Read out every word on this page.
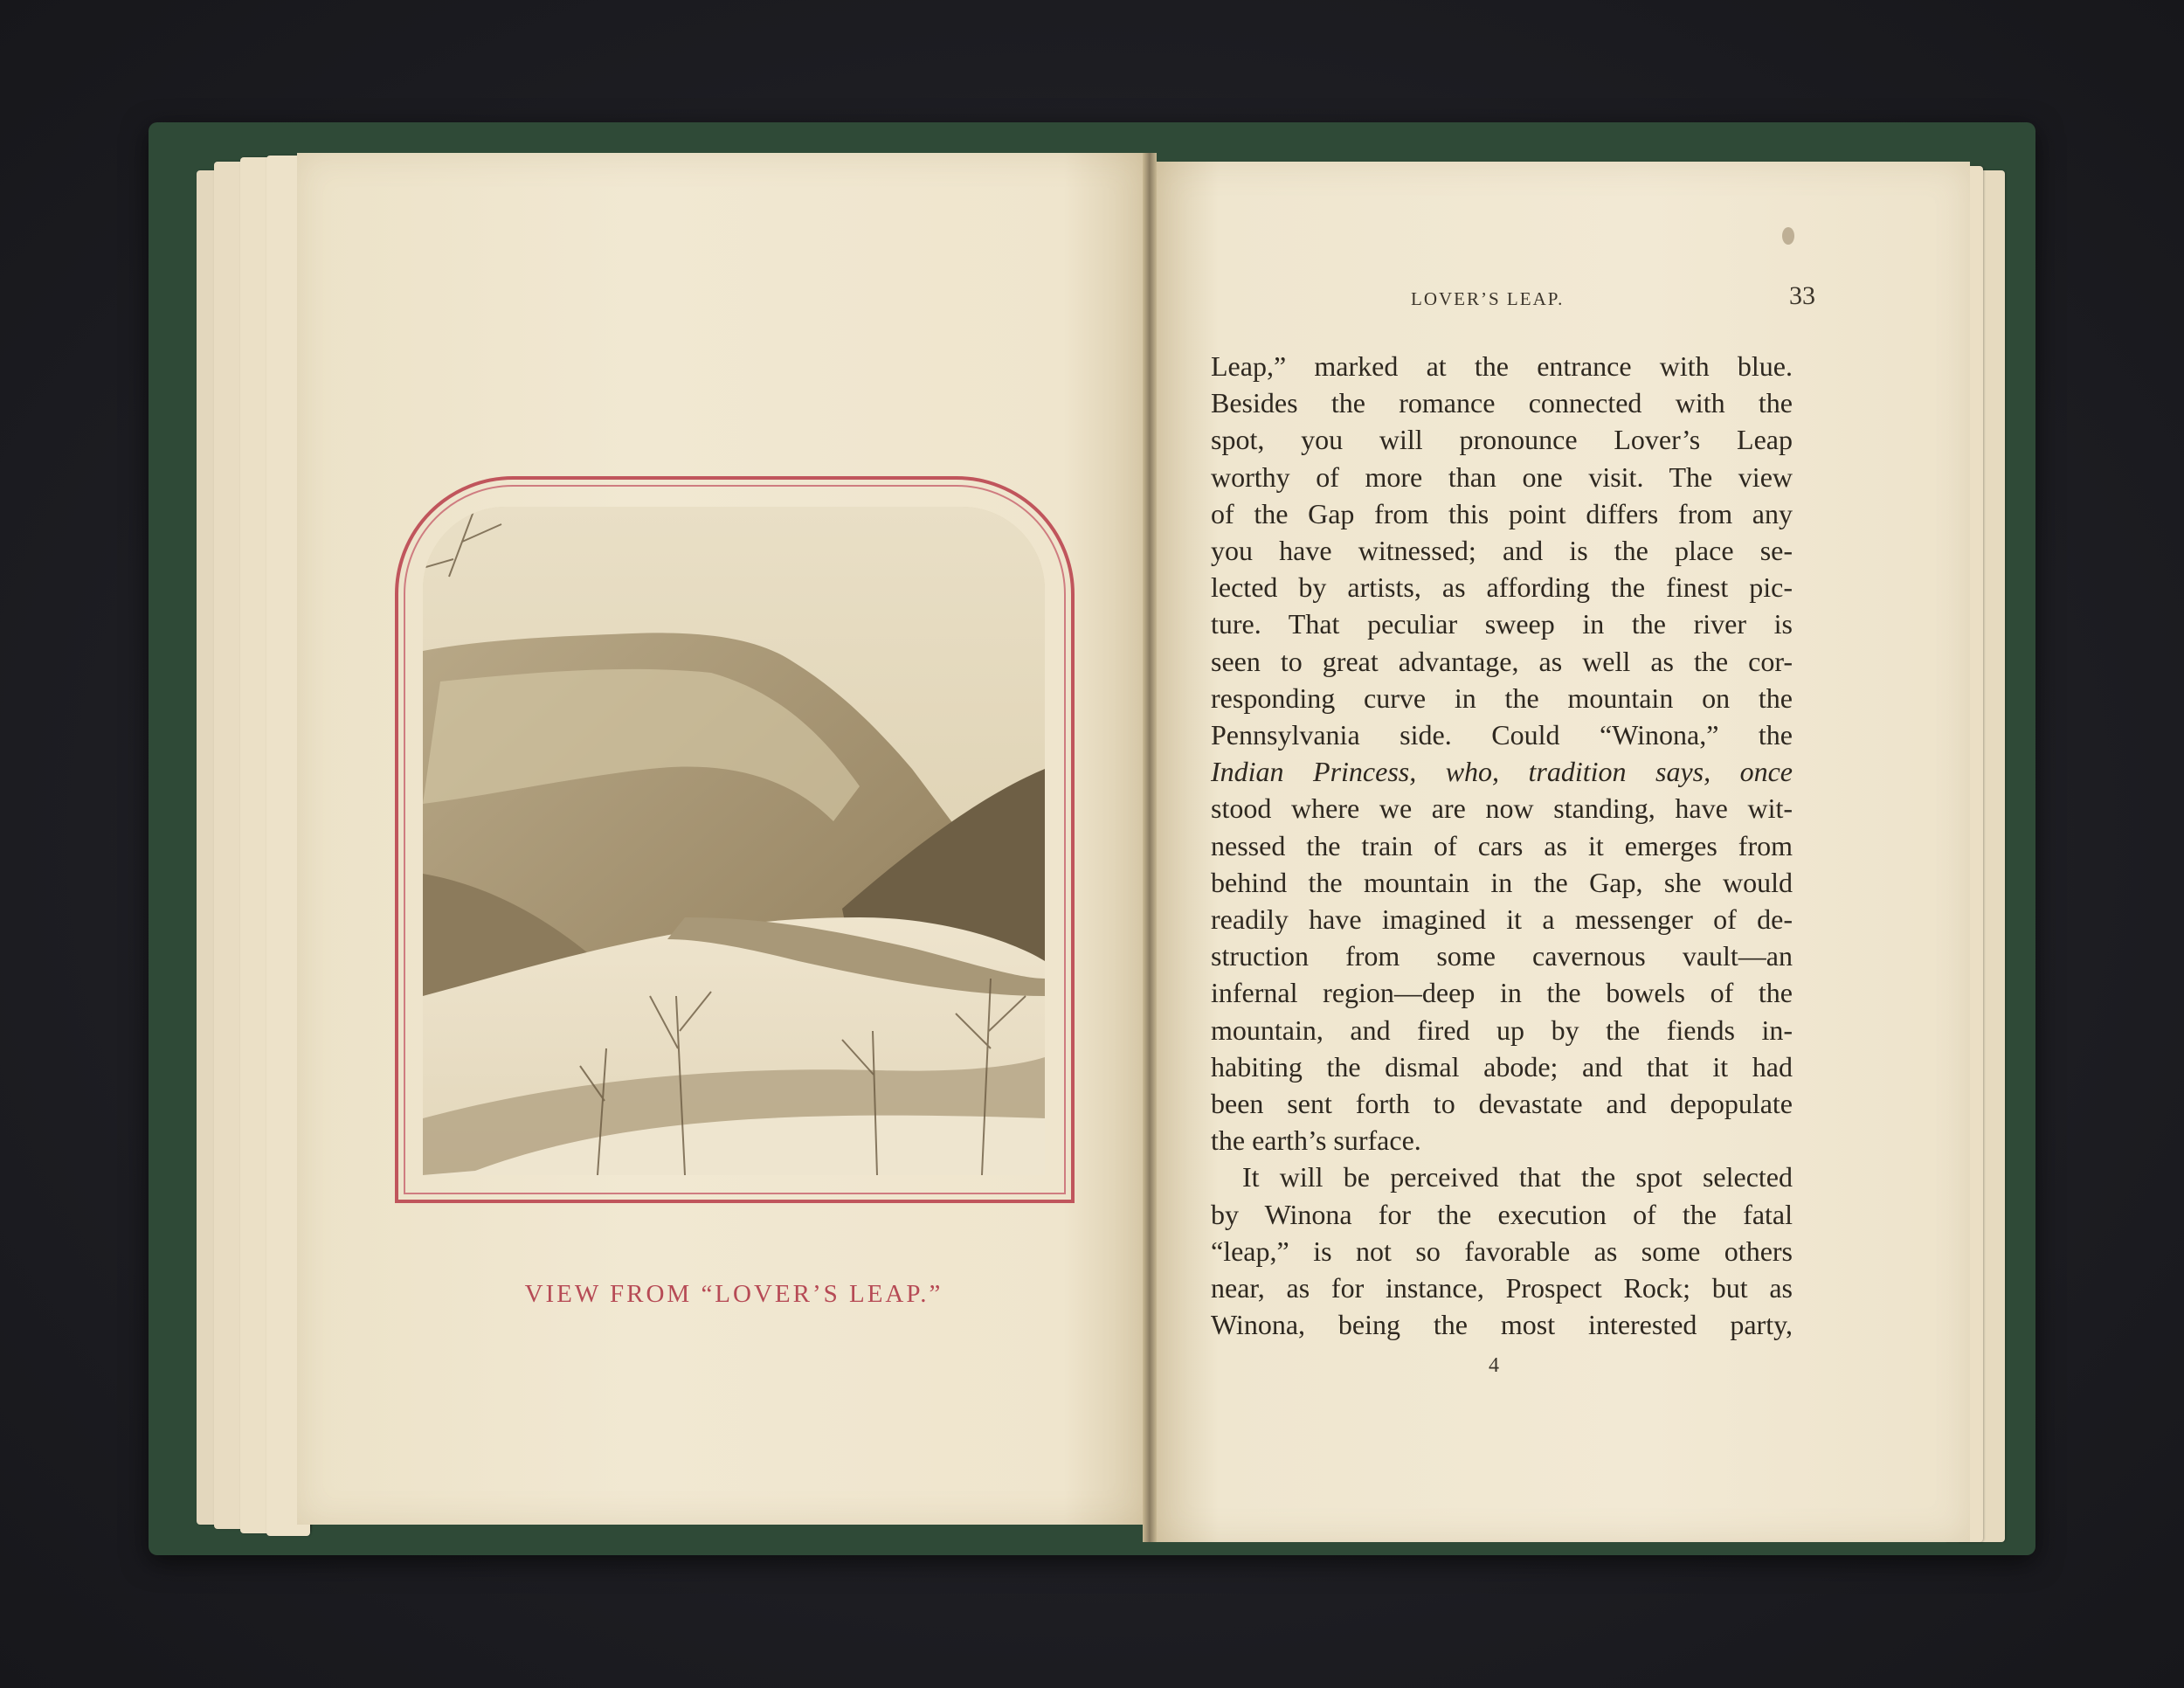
VIEW FROM “LOVER’S LEAP.”
LOVER’S LEAP.	33
Leap,” marked at the entrance with blue.
Besides the romance connected with the
spot, you will pronounce Lover’s Leap
worthy of more than one visit. The view
of the Gap from this point differs from any
you have witnessed; and is the place se-
lected by artists, as affording the finest pic-
ture. That peculiar sweep in the river is
seen to great advantage, as well as the cor-
responding curve in the mountain on the
Pennsylvania side. Could “Winona,” the
Indian Princess, who, tradition says, once
stood where we are now standing, have wit-
nessed the train of cars as it emerges from
behind the mountain in the Gap, she would
readily have imagined it a messenger of de-
struction from some cavernous vault—an
infernal region—deep in the bowels of the
mountain, and fired up by the fiends in-
habiting the dismal abode; and that it had
been sent forth to devastate and depopulate
the earth’s surface.
It will be perceived that the spot selected
by Winona for the execution of the fatal
“leap,” is not so favorable as some others
near, as for instance, Prospect Rock; but as
Winona, being the most interested party,
4
